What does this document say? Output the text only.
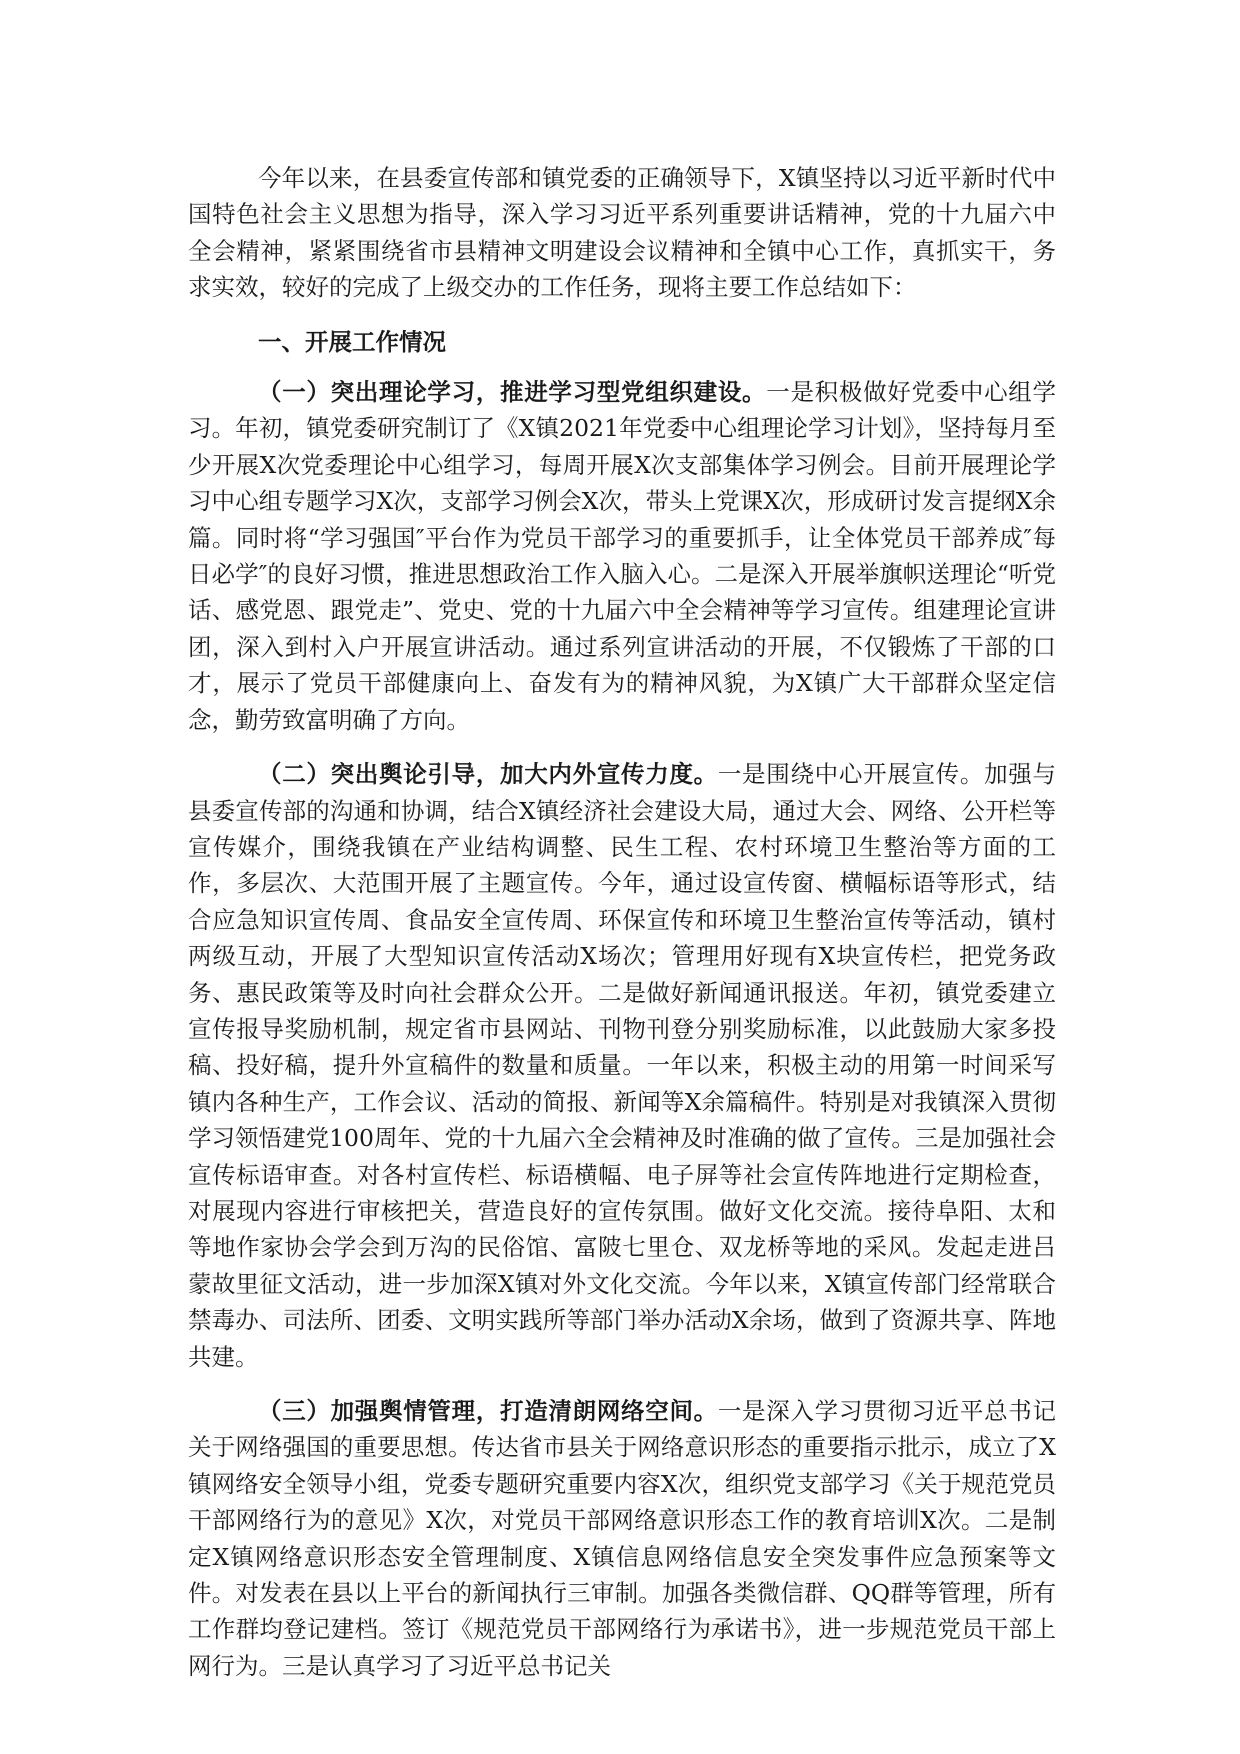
今年以来，在县委宣传部和镇党委的正确领导下，X镇坚持以习近平新时代中国特色社会主义思想为指导，深入学习习近平系列重要讲话精神，党的十九届六中全会精神，紧紧围绕省市县精神文明建设会议精神和全镇中心工作，真抓实干，务求实效，较好的完成了上级交办的工作任务，现将主要工作总结如下：

一、开展工作情况

（一）突出理论学习，推进学习型党组织建设。一是积极做好党委中心组学习。年初，镇党委研究制订了《X镇2021年党委中心组理论学习计划》，坚持每月至少开展X次党委理论中心组学习，每周开展X次支部集体学习例会。目前开展理论学习中心组专题学习X次，支部学习例会X次，带头上党课X次，形成研讨发言提纲X余篇。同时将“学习强国″平台作为党员干部学习的重要抓手，让全体党员干部养成″每日必学″的良好习惯，推进思想政治工作入脑入心。二是深入开展举旗帜送理论“听党话、感党恩、跟党走”、党史、党的十九届六中全会精神等学习宣传。组建理论宣讲团，深入到村入户开展宣讲活动。通过系列宣讲活动的开展，不仅锻炼了干部的口才，展示了党员干部健康向上、奋发有为的精神风貌，为X镇广大干部群众坚定信念，勤劳致富明确了方向。

（二）突出舆论引导，加大内外宣传力度。一是围绕中心开展宣传。加强与县委宣传部的沟通和协调，结合X镇经济社会建设大局，通过大会、网络、公开栏等宣传媒介，围绕我镇在产业结构调整、民生工程、农村环境卫生整治等方面的工作，多层次、大范围开展了主题宣传。今年，通过设宣传窗、横幅标语等形式，结合应急知识宣传周、食品安全宣传周、环保宣传和环境卫生整治宣传等活动，镇村两级互动，开展了大型知识宣传活动X场次；管理用好现有X块宣传栏，把党务政务、惠民政策等及时向社会群众公开。二是做好新闻通讯报送。年初，镇党委建立宣传报导奖励机制，规定省市县网站、刊物刊登分别奖励标准，以此鼓励大家多投稿、投好稿，提升外宣稿件的数量和质量。一年以来，积极主动的用第一时间采写镇内各种生产，工作会议、活动的简报、新闻等X余篇稿件。特别是对我镇深入贯彻学习领悟建党100周年、党的十九届六全会精神及时准确的做了宣传。三是加强社会宣传标语审查。对各村宣传栏、标语横幅、电子屏等社会宣传阵地进行定期检查，对展现内容进行审核把关，营造良好的宣传氛围。做好文化交流。接待阜阳、太和等地作家协会学会到万沟的民俗馆、富陂七里仓、双龙桥等地的采风。发起走进吕蒙故里征文活动，进一步加深X镇对外文化交流。今年以来，X镇宣传部门经常联合禁毒办、司法所、团委、文明实践所等部门举办活动X余场，做到了资源共享、阵地共建。

（三）加强舆情管理，打造清朗网络空间。一是深入学习贯彻习近平总书记关于网络强国的重要思想。传达省市县关于网络意识形态的重要指示批示，成立了X镇网络安全领导小组，党委专题研究重要内容X次，组织党支部学习《关于规范党员干部网络行为的意见》X次，对党员干部网络意识形态工作的教育培训X次。二是制定X镇网络意识形态安全管理制度、X镇信息网络信息安全突发事件应急预案等文件。对发表在县以上平台的新闻执行三审制。加强各类微信群、QQ群等管理，所有工作群均登记建档。签订《规范党员干部网络行为承诺书》，进一步规范党员干部上网行为。三是认真学习了习近平总书记关
